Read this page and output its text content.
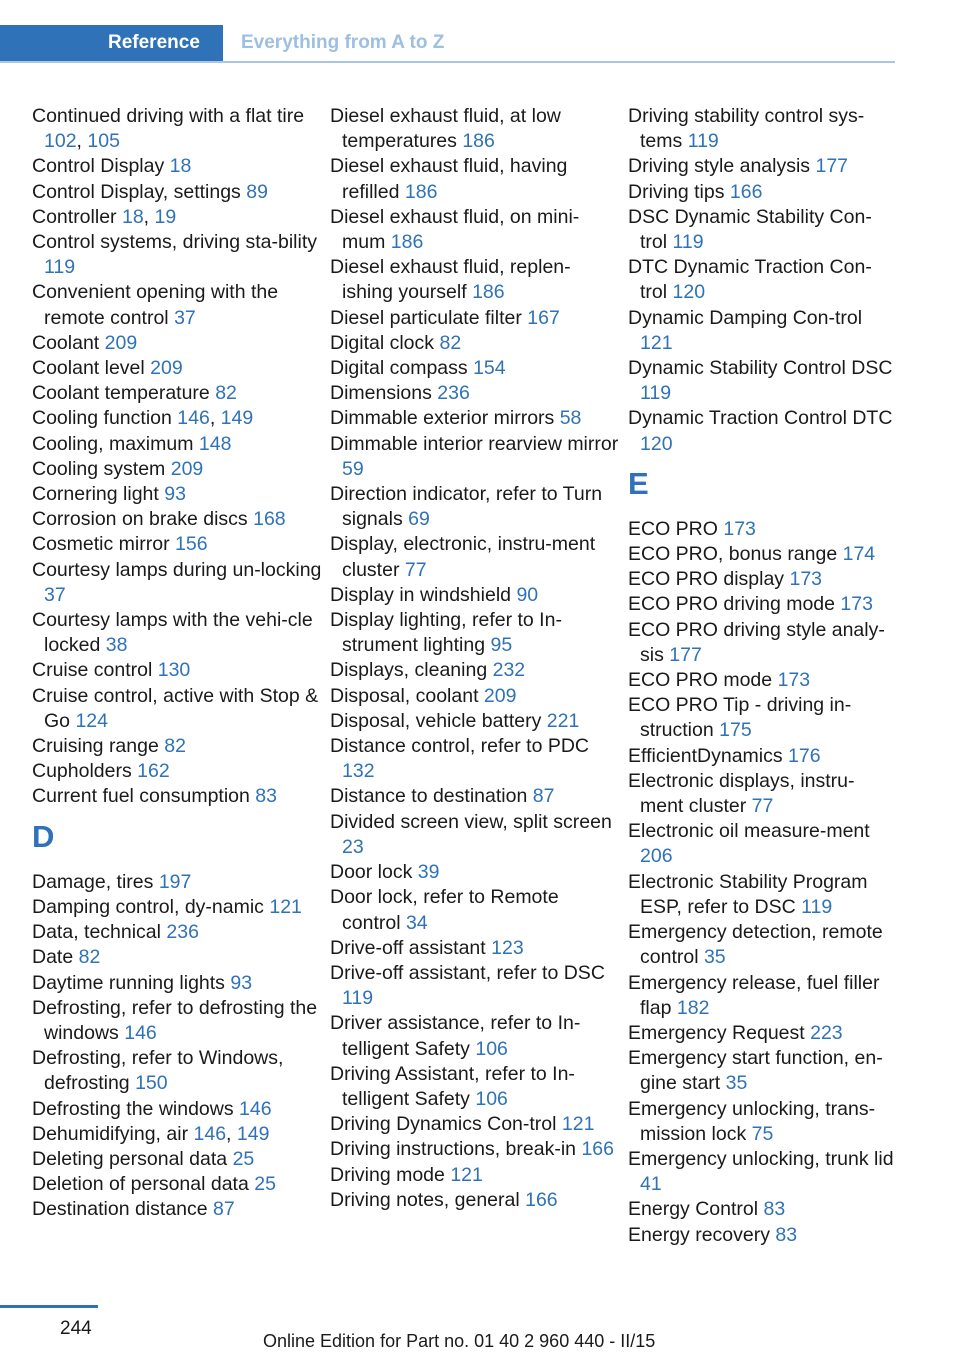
Reference	Everything from A to Z
Continued driving with a flat tire 102, 105
Control Display 18
Control Display, settings 89
Controller 18, 19
Control systems, driving sta-bility 119
Convenient opening with the remote control 37
Coolant 209
Coolant level 209
Coolant temperature 82
Cooling function 146, 149
Cooling, maximum 148
Cooling system 209
Cornering light 93
Corrosion on brake discs 168
Cosmetic mirror 156
Courtesy lamps during un-locking 37
Courtesy lamps with the vehi-cle locked 38
Cruise control 130
Cruise control, active with Stop & Go 124
Cruising range 82
Cupholders 162
Current fuel consumption 83
D
Damage, tires 197
Damping control, dy-namic 121
Data, technical 236
Date 82
Daytime running lights 93
Defrosting, refer to defrosting the windows 146
Defrosting, refer to Windows, defrosting 150
Defrosting the windows 146
Dehumidifying, air 146, 149
Deleting personal data 25
Deletion of personal data 25
Destination distance 87
Diesel exhaust fluid, at low temperatures 186
Diesel exhaust fluid, having refilled 186
Diesel exhaust fluid, on mini-mum 186
Diesel exhaust fluid, replen-ishing yourself 186
Diesel particulate filter 167
Digital clock 82
Digital compass 154
Dimensions 236
Dimmable exterior mirrors 58
Dimmable interior rearview mirror 59
Direction indicator, refer to Turn signals 69
Display, electronic, instru-ment cluster 77
Display in windshield 90
Display lighting, refer to In-strument lighting 95
Displays, cleaning 232
Disposal, coolant 209
Disposal, vehicle battery 221
Distance control, refer to PDC 132
Distance to destination 87
Divided screen view, split screen 23
Door lock 39
Door lock, refer to Remote control 34
Drive-off assistant 123
Drive-off assistant, refer to DSC 119
Driver assistance, refer to In-telligent Safety 106
Driving Assistant, refer to In-telligent Safety 106
Driving Dynamics Con-trol 121
Driving instructions, break-in 166
Driving mode 121
Driving notes, general 166
Driving stability control sys-tems 119
Driving style analysis 177
Driving tips 166
DSC Dynamic Stability Con-trol 119
DTC Dynamic Traction Con-trol 120
Dynamic Damping Con-trol 121
Dynamic Stability Control DSC 119
Dynamic Traction Control DTC 120
E
ECO PRO 173
ECO PRO, bonus range 174
ECO PRO display 173
ECO PRO driving mode 173
ECO PRO driving style analy-sis 177
ECO PRO mode 173
ECO PRO Tip - driving in-struction 175
EfficientDynamics 176
Electronic displays, instru-ment cluster 77
Electronic oil measure-ment 206
Electronic Stability Program ESP, refer to DSC 119
Emergency detection, remote control 35
Emergency release, fuel filler flap 182
Emergency Request 223
Emergency start function, en-gine start 35
Emergency unlocking, trans-mission lock 75
Emergency unlocking, trunk lid 41
Energy Control 83
Energy recovery 83
244
Online Edition for Part no. 01 40 2 960 440 - II/15
